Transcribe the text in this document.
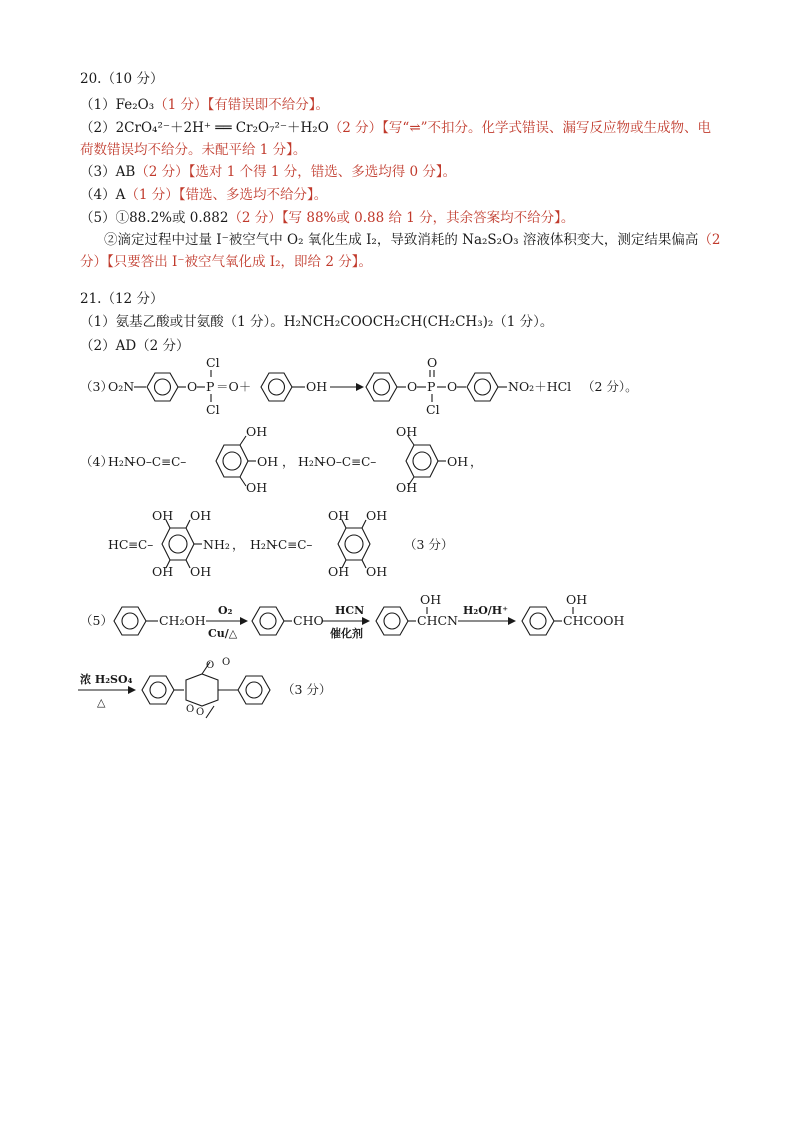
20.（10 分）
（1）Fe₂O₃（1 分）【有错误即不给分】。
（2）2CrO₄²⁻＋2H⁺ ══ Cr₂O₇²⁻＋H₂O（2 分）【写“⇌”不扣分。化学式错误、漏写反应物或生成物、电
荷数错误均不给分。未配平给 1 分】。
（3）AB（2 分）【选对 1 个得 1 分，错选、多选均得 0 分】。
（4）A（1 分）【错选、多选均不给分】。
（5）①88.2%或 0.882（2 分）【写 88%或 0.88 给 1 分，其余答案均不给分】。
②滴定过程中过量 I⁻被空气中 O₂ 氧化生成 I₂，导致消耗的 Na₂S₂O₃ 溶液体积变大，测定结果偏高（2
分）【只要答出 I⁻被空气氧化成 I₂，即给 2 分】。
21.（12 分）
（1）氨基乙酸或甘氨酸（1 分）。H₂NCH₂COOCH₂CH(CH₂CH₃)₂（1 分）。
（2）AD（2 分）
（3）
O₂N	O P
Cl
Cl
＝O＋	OH	O P
O
Cl
O	NO₂＋HCl （2 分）。
（4）
H₂N
–O–C≡C–
OH
OH
OH
， H₂N
–O–C≡C–
OH
OH
OH
，
HC ≡C–
OH OH
NH₂
OH OH
， H₂N
–C≡C–
OH OH
OH OH
（3 分）
（5）	CH₂OH
O₂
Cu/△
CHO
HCN
催化剂
OH
CHCN
H₂O/H⁺
OH
CHCOOH
浓 H₂SO₄
△
O O
O
O
（3 分）
